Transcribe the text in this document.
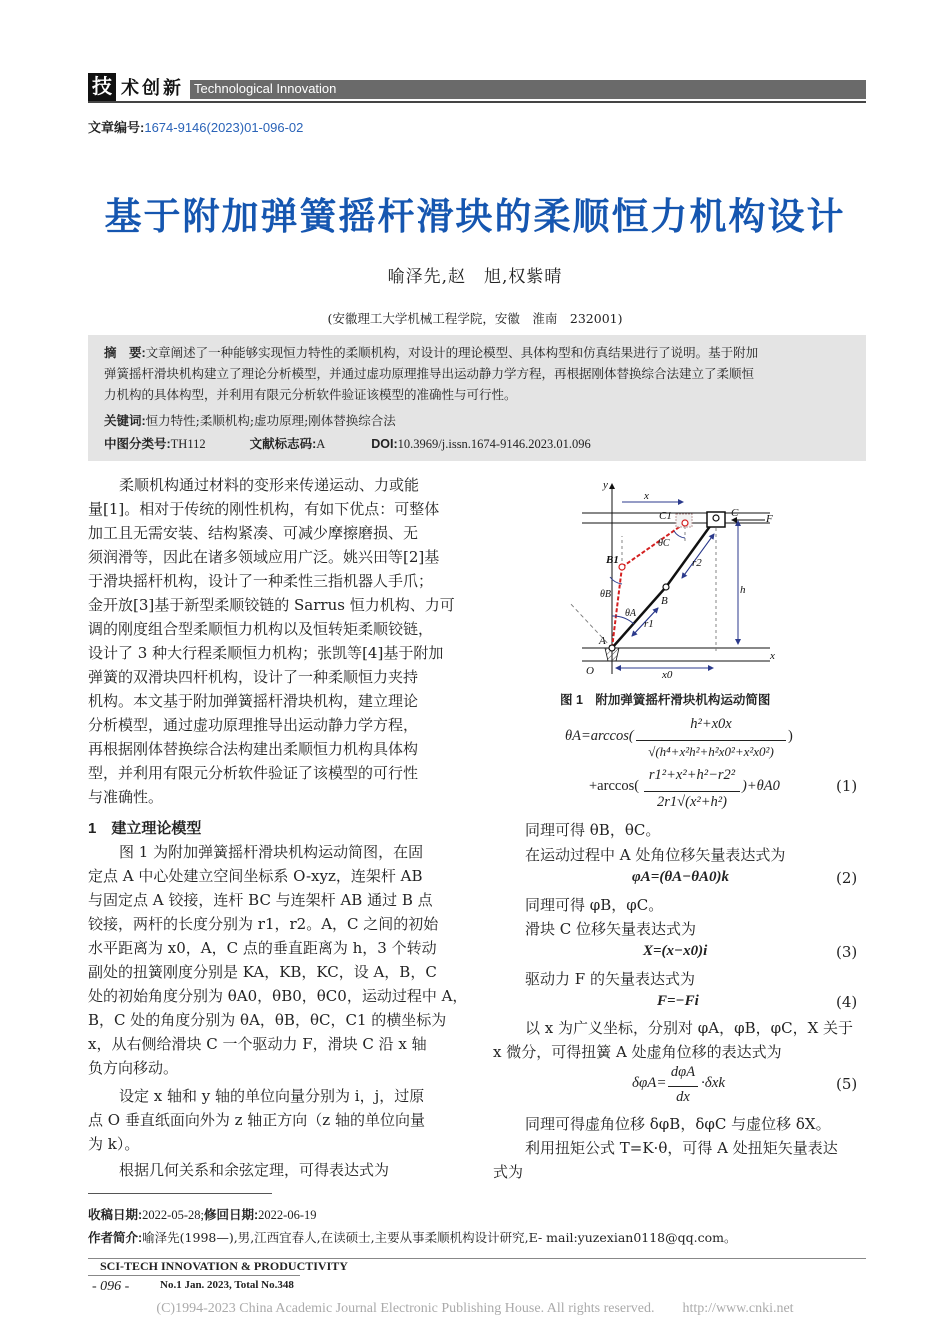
技 术创新 Technological Innovation
文章编号:1674-9146(2023)01-096-02
基于附加弹簧摇杆滑块的柔顺恒力机构设计
喻泽先,赵　旭,权紫晴
(安徽理工大学机械工程学院，安徽　淮南　232001)
摘　要:文章阐述了一种能够实现恒力特性的柔顺机构，对设计的理论模型、具体构型和仿真结果进行了说明。基于附加
弹簧摇杆滑块机构建立了理论分析模型，并通过虚功原理推导出运动静力学方程，再根据刚体替换综合法建立了柔顺恒
力机构的具体构型，并利用有限元分析软件验证该模型的准确性与可行性。
关键词:恒力特性;柔顺机构;虚功原理;刚体替换综合法
中图分类号:TH112	文献标志码:A	DOI:10.3969/j.issn.1674-9146.2023.01.096
柔顺机构通过材料的变形来传递运动、力或能
量[1]。相对于传统的刚性机构，有如下优点：可整体
加工且无需安装、结构紧凑、可减少摩擦磨损、无
须润滑等，因此在诸多领域应用广泛。姚兴田等[2]基
于滑块摇杆机构，设计了一种柔性三指机器人手爪；
金开放[3]基于新型柔顺铰链的 Sarrus 恒力机构、力可
调的刚度组合型柔顺恒力机构以及恒转矩柔顺铰链，
设计了 3 种大行程柔顺恒力机构；张凯等[4]基于附加
弹簧的双滑块四杆机构，设计了一种柔顺恒力夹持
机构。本文基于附加弹簧摇杆滑块机构，建立理论
分析模型，通过虚功原理推导出运动静力学方程，
再根据刚体替换综合法构建出柔顺恒力机构具体构
型，并利用有限元分析软件验证了该模型的可行性
与准确性。
1　建立理论模型
图 1 为附加弹簧摇杆滑块机构运动简图，在固
定点 A 中心处建立空间坐标系 O-xyz，连架杆 AB
与固定点 A 铰接，连杆 BC 与连架杆 AB 通过 B 点
铰接，两杆的长度分别为 r1，r2。A，C 之间的初始
水平距离为 x0，A，C 点的垂直距离为 h，3 个转动
副处的扭簧刚度分别是 KA，KB，KC，设 A，B，C
处的初始角度分别为 θA0，θB0，θC0，运动过程中 A，
B，C 处的角度分别为 θA，θB，θC，C1 的横坐标为
x，从右侧给滑块 C 一个驱动力 F，滑块 C 沿 x 轴
负方向移动。
设定 x 轴和 y 轴的单位向量分别为 i，j，过原
点 O 垂直纸面向外为 z 轴正方向（z 轴的单位向量
为 k）。
根据几何关系和余弦定理，可得表达式为
y
x
O
A
B
B1
C
C1	F
h
x
x0
r1
r2
θA
θB
θC
图 1　附加弹簧摇杆滑块机构运动简图
θA=arccos(
h²+x0x
√(h⁴+x²h²+h²x0²+x²x0²)
)
+arccos(
r1²+x²+h²−r2²
2r1√(x²+h²)
)+θA0	(1)
同理可得 θB，θC。
在运动过程中 A 处角位移矢量表达式为
φA=(θA−θA0)k	(2)
同理可得 φB，φC。
滑块 C 位移矢量表达式为
X=(x−x0)i	(3)
驱动力 F 的矢量表达式为
F=−Fi	(4)
以 x 为广义坐标，分别对 φA，φB，φC，X 关于
x 微分，可得扭簧 A 处虚角位移的表达式为
δφA=
dφA
dx
·δxk	(5)
同理可得虚角位移 δφB，δφC 与虚位移 δX。
利用扭矩公式 T=K·θ，可得 A 处扭矩矢量表达
式为
收稿日期:2022-05-28;修回日期:2022-06-19
作者简介:喻泽先(1998—),男,江西宜春人,在读硕士,主要从事柔顺机构设计研究,E- mail:yuzexian0118@qq.com。
SCI-TECH INNOVATION & PRODUCTIVITY
- 096 -	No.1 Jan. 2023, Total No.348
(C)1994-2023 China Academic Journal Electronic Publishing House. All rights reserved.　　http://www.cnki.net
